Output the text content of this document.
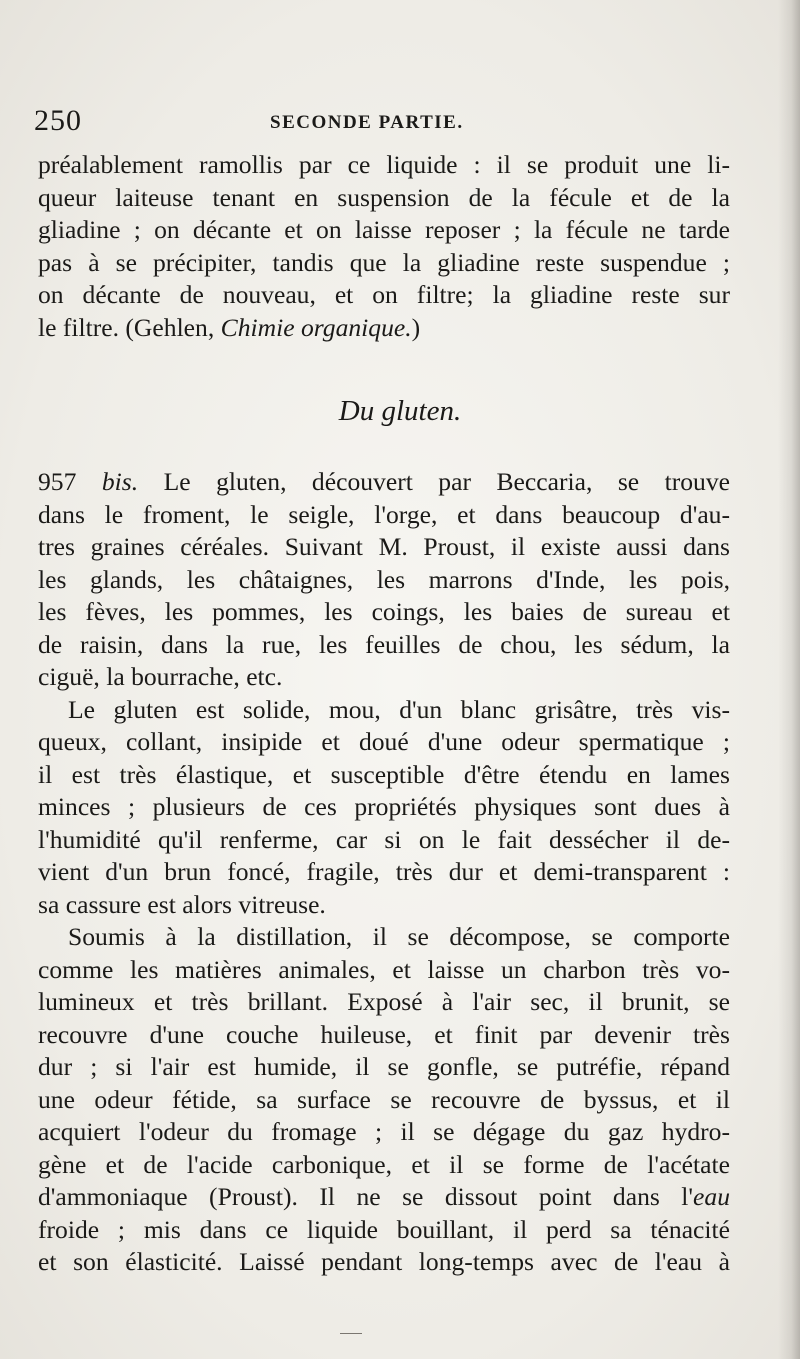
250	SECONDE PARTIE.
préalablement ramollis par ce liquide : il se produit une li-
queur laiteuse tenant en suspension de la fécule et de la
gliadine ; on décante et on laisse reposer ; la fécule ne tarde
pas à se précipiter, tandis que la gliadine reste suspendue ;
on décante de nouveau, et on filtre; la gliadine reste sur
le filtre. (Gehlen, Chimie organique.)
Du gluten.
957 bis. Le gluten, découvert par Beccaria, se trouve
dans le froment, le seigle, l'orge, et dans beaucoup d'au-
tres graines céréales. Suivant M. Proust, il existe aussi dans
les glands, les châtaignes, les marrons d'Inde, les pois,
les fèves, les pommes, les coings, les baies de sureau et
de raisin, dans la rue, les feuilles de chou, les sédum, la
ciguë, la bourrache, etc.
Le gluten est solide, mou, d'un blanc grisâtre, très vis-
queux, collant, insipide et doué d'une odeur spermatique ;
il est très élastique, et susceptible d'être étendu en lames
minces ; plusieurs de ces propriétés physiques sont dues à
l'humidité qu'il renferme, car si on le fait dessécher il de-
vient d'un brun foncé, fragile, très dur et demi-transparent :
sa cassure est alors vitreuse.
Soumis à la distillation, il se décompose, se comporte
comme les matières animales, et laisse un charbon très vo-
lumineux et très brillant. Exposé à l'air sec, il brunit, se
recouvre d'une couche huileuse, et finit par devenir très
dur ; si l'air est humide, il se gonfle, se putréfie, répand
une odeur fétide, sa surface se recouvre de byssus, et il
acquiert l'odeur du fromage ; il se dégage du gaz hydro-
gène et de l'acide carbonique, et il se forme de l'acétate
d'ammoniaque (Proust). Il ne se dissout point dans l'eau
froide ; mis dans ce liquide bouillant, il perd sa ténacité
et son élasticité. Laissé pendant long-temps avec de l'eau à
